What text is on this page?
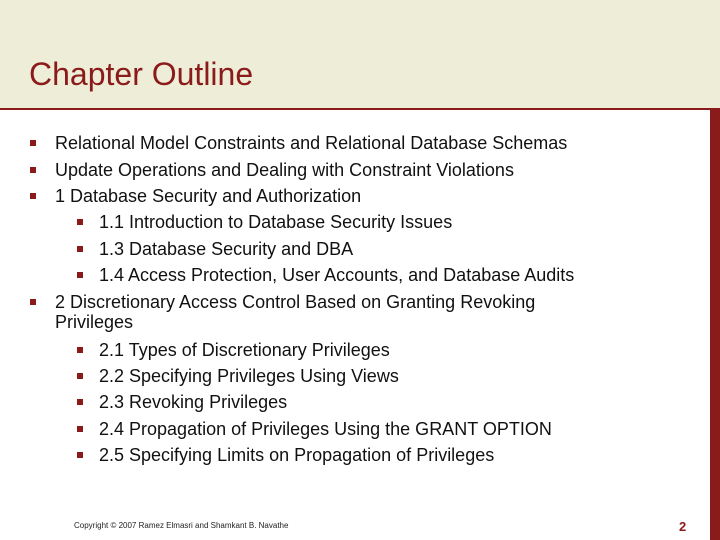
Chapter Outline
Relational Model Constraints and Relational Database Schemas
Update Operations and Dealing with Constraint Violations
1 Database Security and Authorization
1.1 Introduction to Database Security Issues
1.3 Database Security and DBA
1.4 Access Protection, User Accounts, and Database Audits
2 Discretionary Access Control Based on Granting Revoking
Privileges
2.1 Types of Discretionary Privileges
2.2 Specifying Privileges Using Views
2.3 Revoking Privileges
2.4 Propagation of Privileges Using the GRANT OPTION
2.5 Specifying Limits on Propagation of Privileges
Copyright © 2007 Ramez Elmasri and Shamkant B. Navathe	2
